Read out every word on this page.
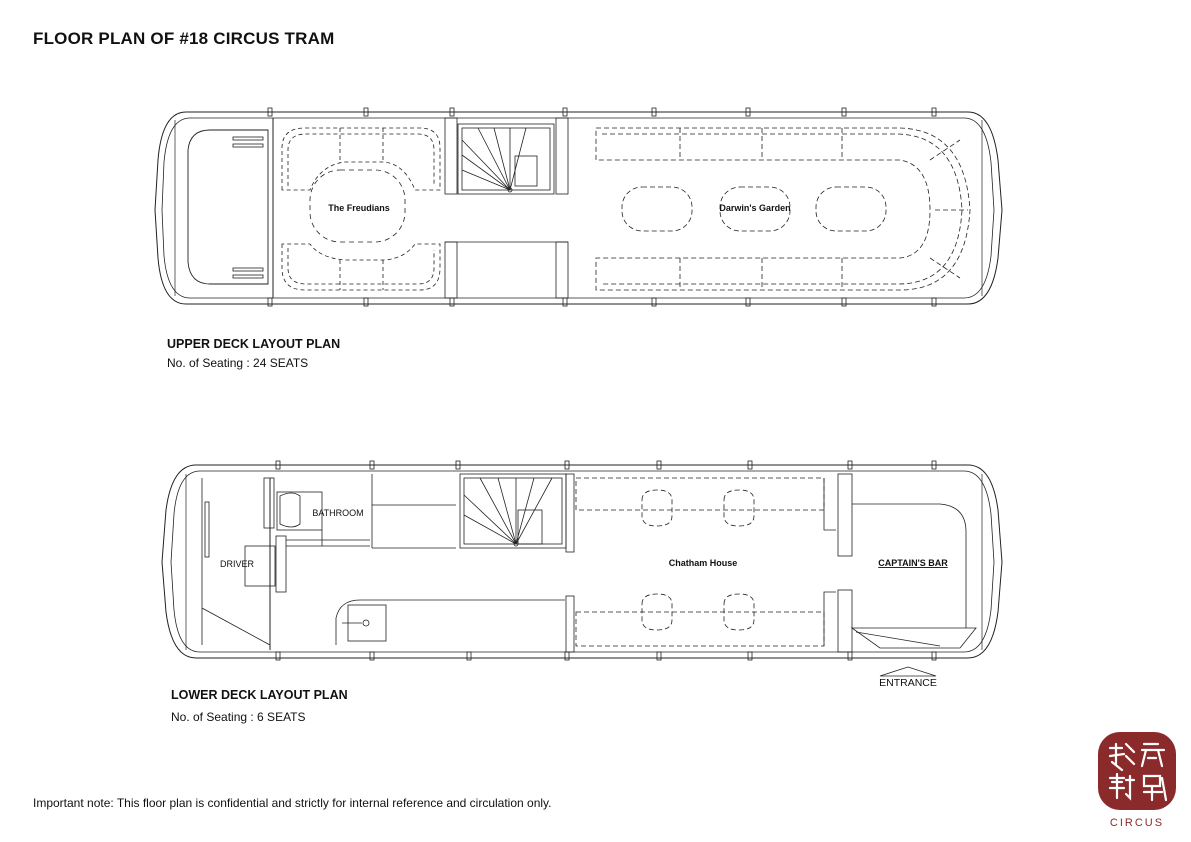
FLOOR PLAN OF #18 CIRCUS TRAM
The Freudians	Darwin's Garden
BATHROOM
DRIVER	Chatham House	CAPTAIN'S BAR
ENTRANCE
UPPER DECK LAYOUT PLAN
No. of Seating : 24 SEATS
LOWER DECK LAYOUT PLAN
No. of Seating : 6 SEATS
Important note: This floor plan is confidential and strictly for internal reference and circulation only.
CIRCUS
